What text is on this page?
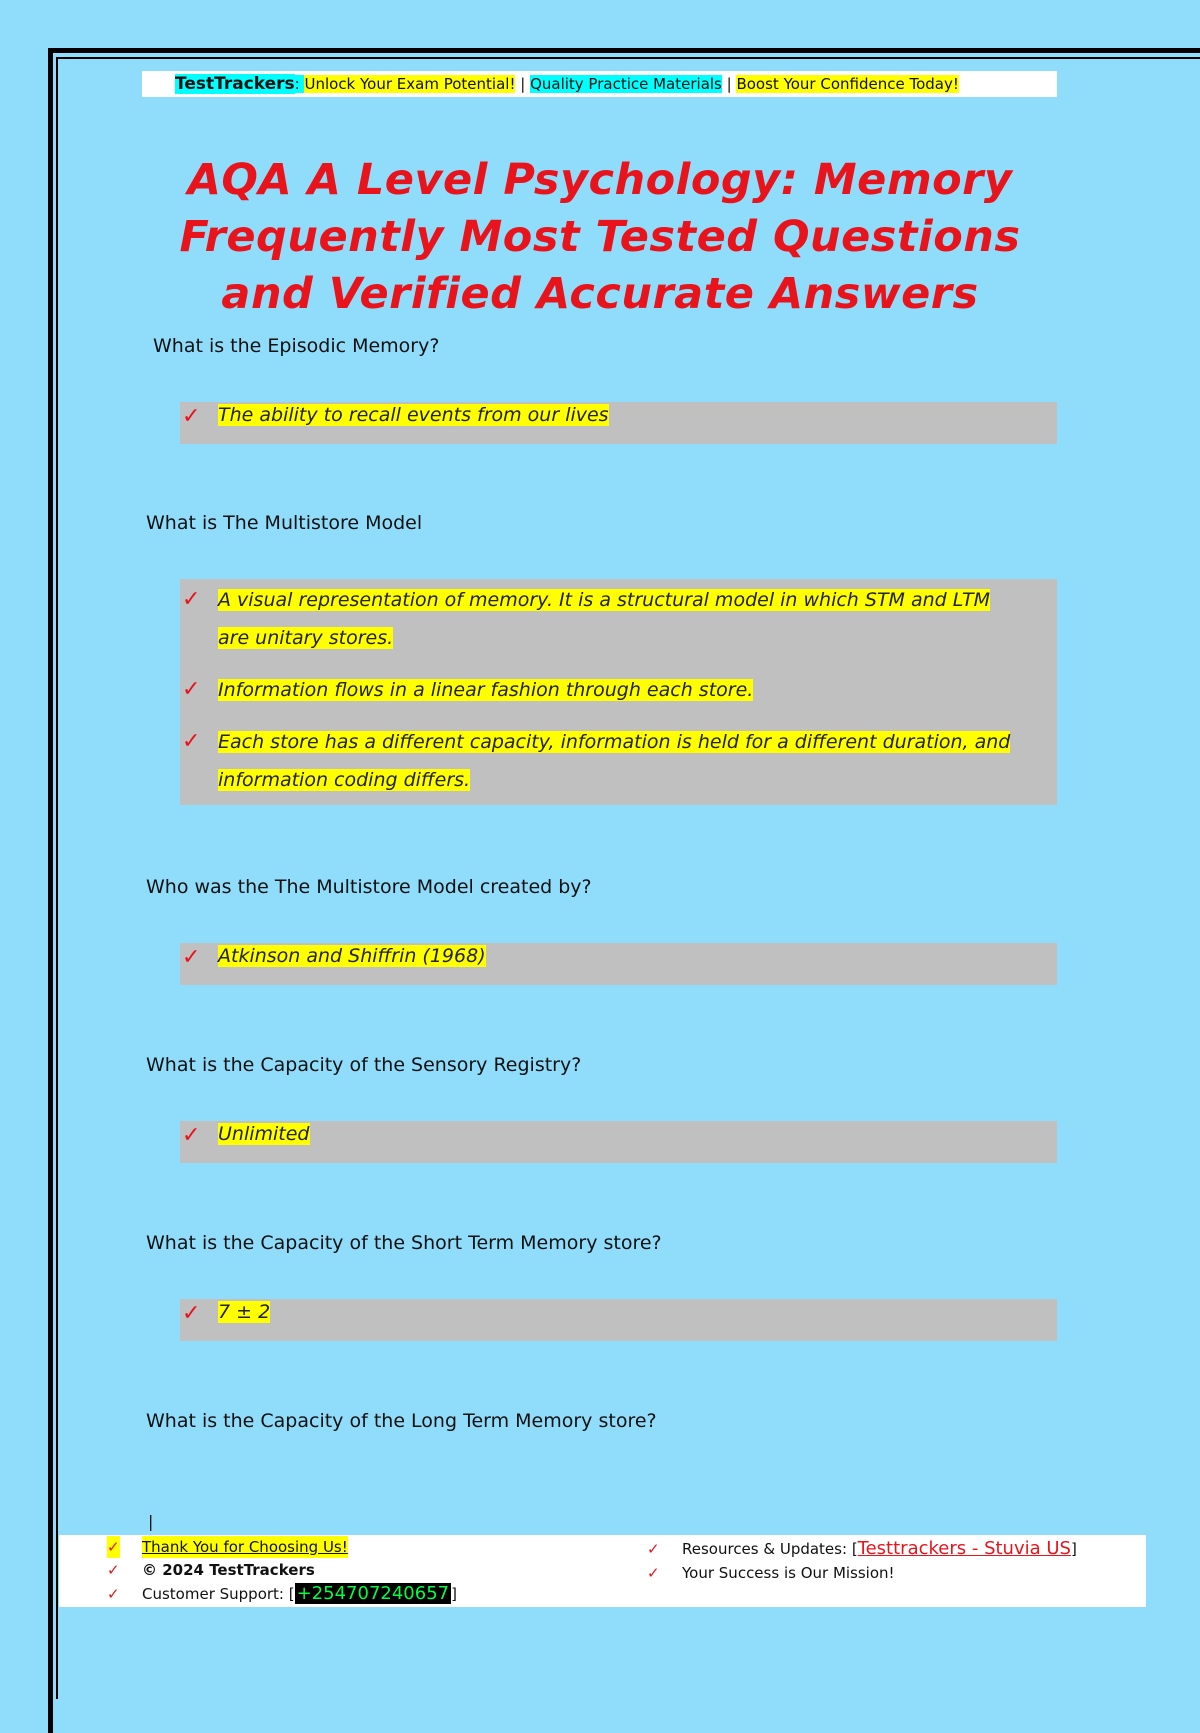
TestTrackers: Unlock Your Exam Potential! | Quality Practice Materials | Boost Your Confidence Today!
AQA A Level Psychology: Memory Frequently Most Tested Questions and Verified Accurate Answers
What is the Episodic Memory?
✓ The ability to recall events from our lives
What is The Multistore Model
✓ A visual representation of memory. It is a structural model in which STM and LTM are unitary stores.
✓ Information flows in a linear fashion through each store.
✓ Each store has a different capacity, information is held for a different duration, and information coding differs.
Who was the The Multistore Model created by?
✓ Atkinson and Shiffrin (1968)
What is the Capacity of the Sensory Registry?
✓ Unlimited
What is the Capacity of the Short Term Memory store?
✓ 7 ± 2
What is the Capacity of the Long Term Memory store?
|
✓ Thank You for Choosing Us!
✓ © 2024 TestTrackers
✓ Customer Support: [ +254707240657 ]
✓ Resources & Updates: [Testtrackers - Stuvia US]
✓ Your Success is Our Mission!
